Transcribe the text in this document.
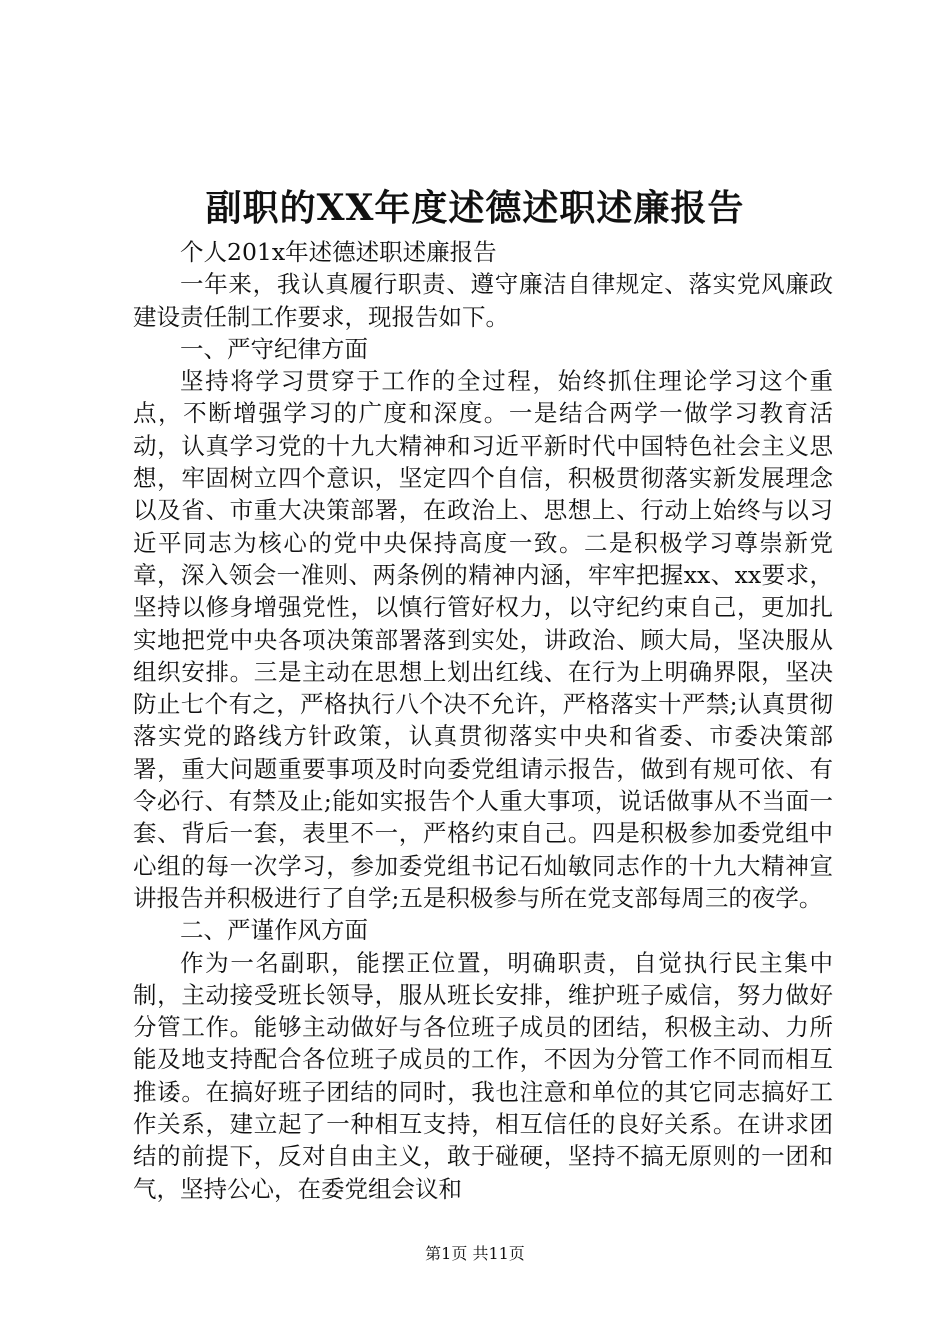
副职的XX年度述德述职述廉报告

个人201x年述德述职述廉报告

一年来，我认真履行职责、遵守廉洁自律规定、落实党风廉政建设责任制工作要求，现报告如下。

一、严守纪律方面

坚持将学习贯穿于工作的全过程，始终抓住理论学习这个重点，不断增强学习的广度和深度。一是结合两学一做学习教育活动，认真学习党的十九大精神和习近平新时代中国特色社会主义思想，牢固树立四个意识，坚定四个自信，积极贯彻落实新发展理念以及省、市重大决策部署，在政治上、思想上、行动上始终与以习近平同志为核心的党中央保持高度一致。二是积极学习尊崇新党章，深入领会一准则、两条例的精神内涵，牢牢把握xx、xx要求，坚持以修身增强党性，以慎行管好权力，以守纪约束自己，更加扎实地把党中央各项决策部署落到实处，讲政治、顾大局，坚决服从组织安排。三是主动在思想上划出红线、在行为上明确界限，坚决防止七个有之，严格执行八个决不允许，严格落实十严禁;认真贯彻落实党的路线方针政策，认真贯彻落实中央和省委、市委决策部署，重大问题重要事项及时向委党组请示报告，做到有规可依、有令必行、有禁及止;能如实报告个人重大事项，说话做事从不当面一套、背后一套，表里不一，严格约束自己。四是积极参加委党组中心组的每一次学习，参加委党组书记石灿敏同志作的十九大精神宣讲报告并积极进行了自学;五是积极参与所在党支部每周三的夜学。

二、严谨作风方面

作为一名副职，能摆正位置，明确职责，自觉执行民主集中制，主动接受班长领导，服从班长安排，维护班子威信，努力做好分管工作。能够主动做好与各位班子成员的团结，积极主动、力所能及地支持配合各位班子成员的工作，不因为分管工作不同而相互推诿。在搞好班子团结的同时，我也注意和单位的其它同志搞好工作关系，建立起了一种相互支持，相互信任的良好关系。在讲求团结的前提下，反对自由主义，敢于碰硬，坚持不搞无原则的一团和气，坚持公心，在委党组会议和

第1页 共11页
